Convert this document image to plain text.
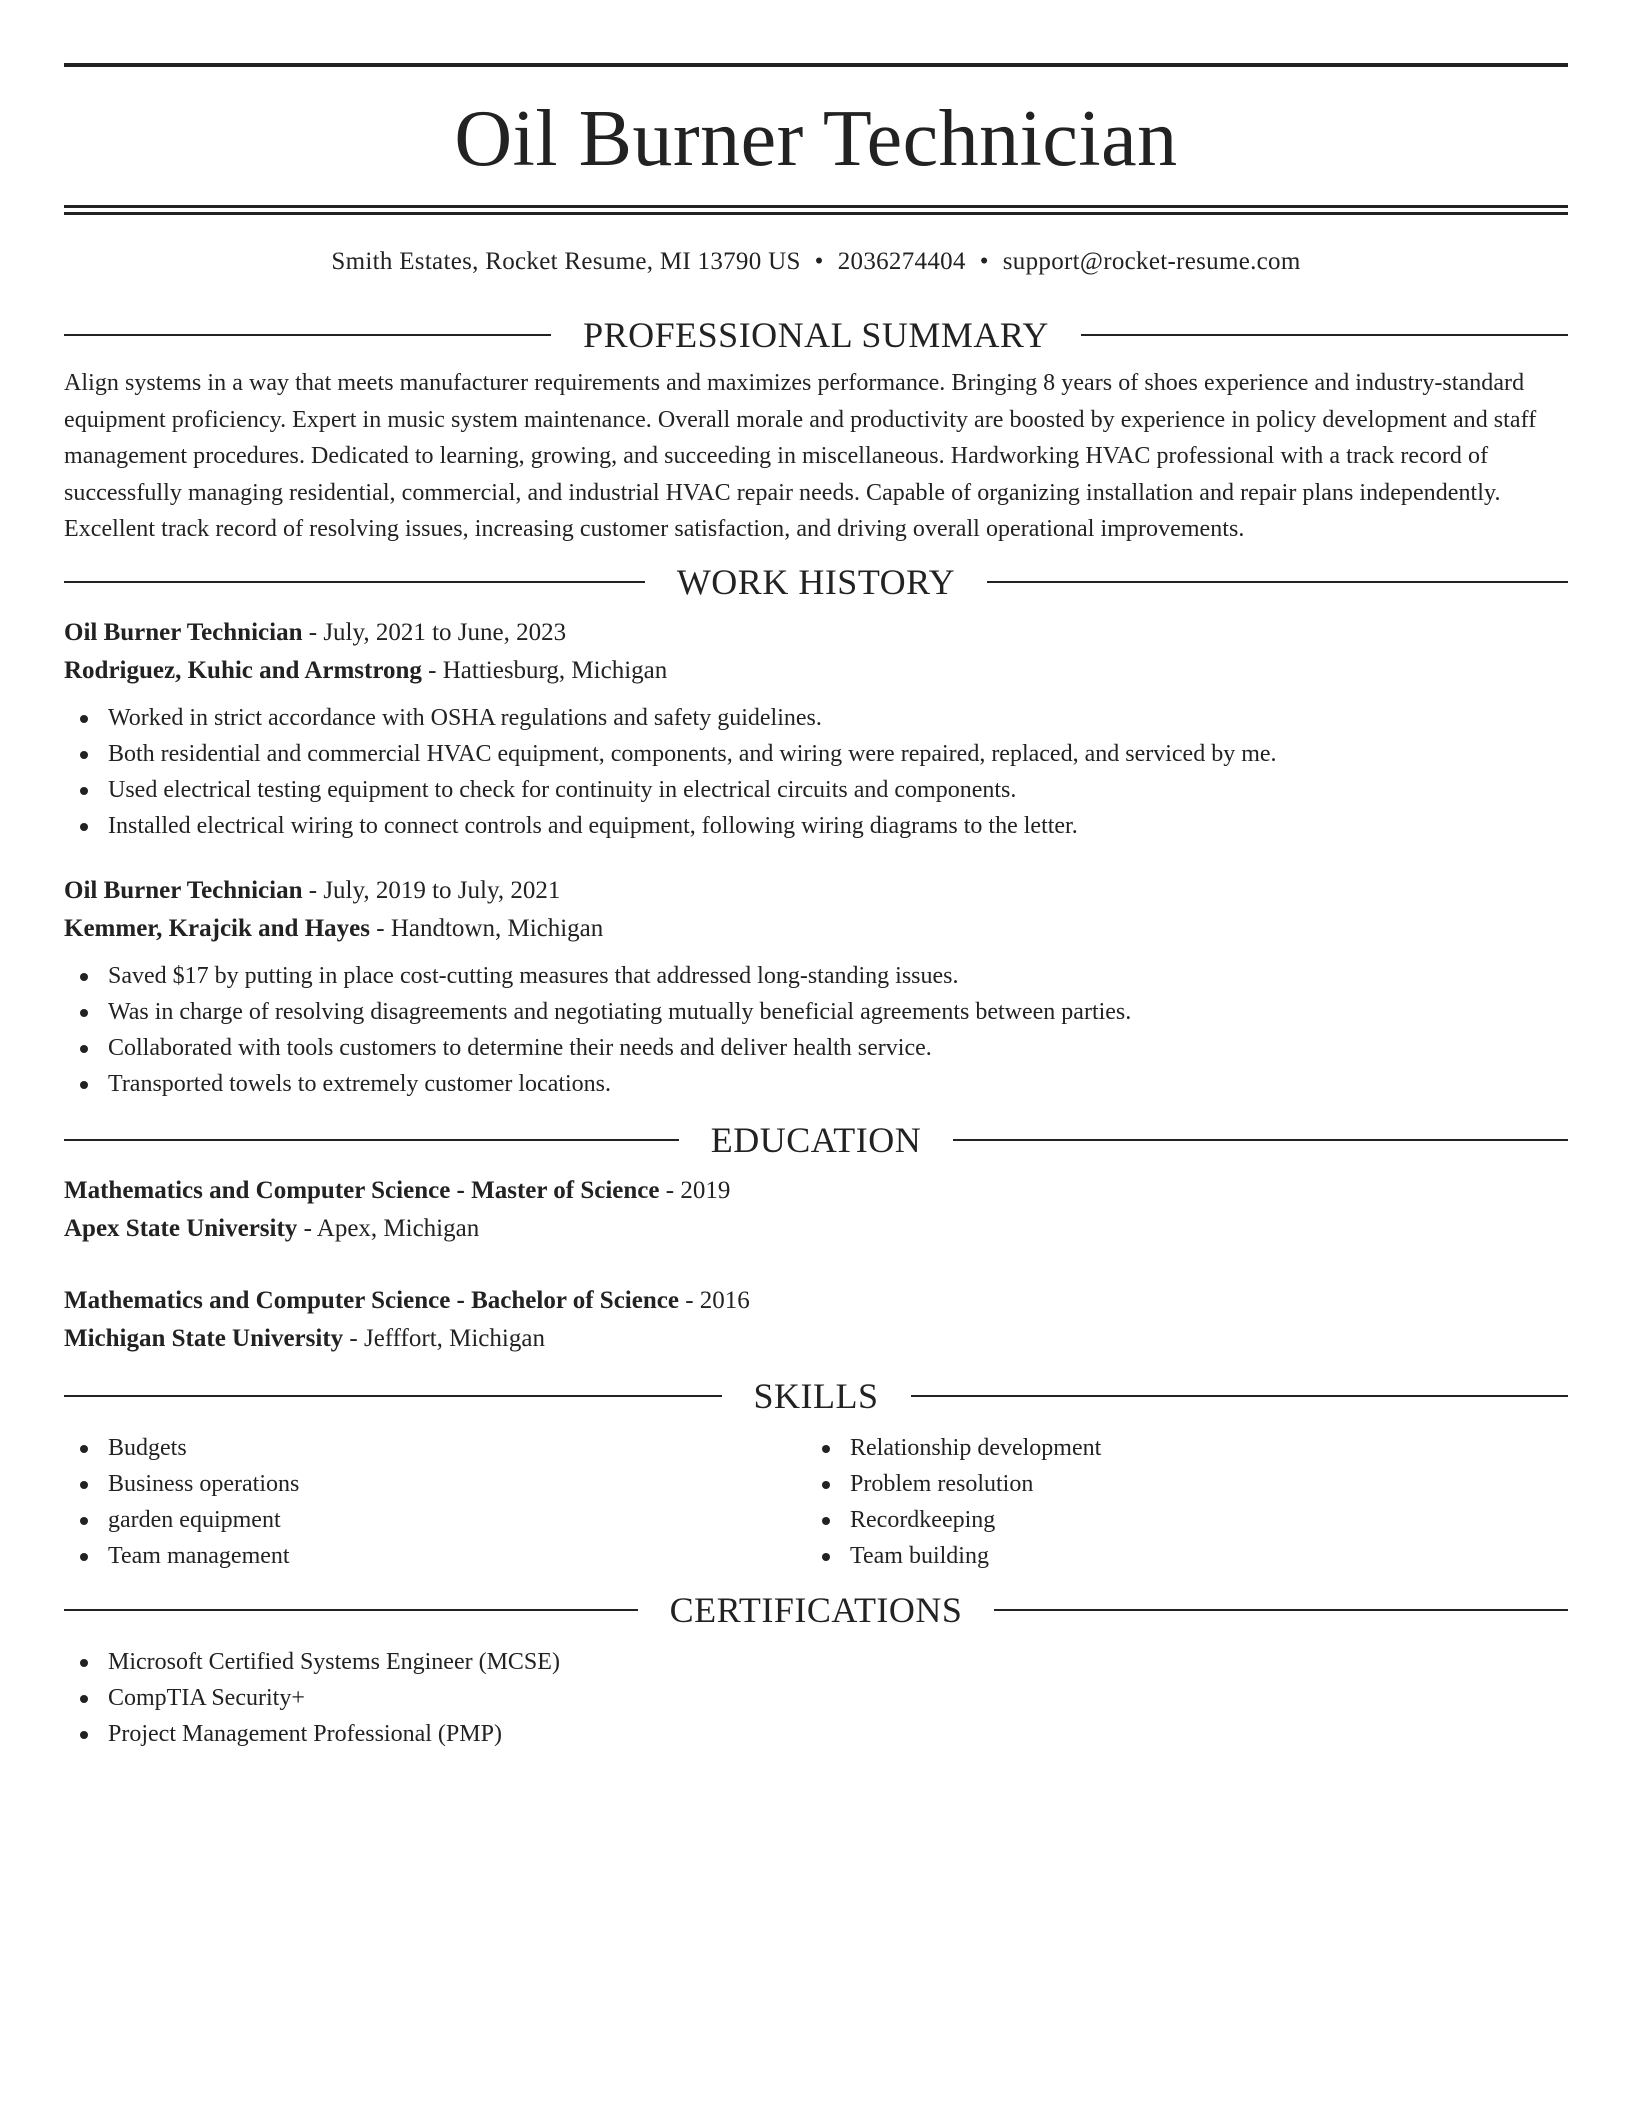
Oil Burner Technician
Smith Estates, Rocket Resume, MI 13790 US • 2036274404 • support@rocket-resume.com
PROFESSIONAL SUMMARY

Align systems in a way that meets manufacturer requirements and maximizes performance. Bringing 8 years of shoes experience and industry-standard equipment proficiency. Expert in music system maintenance. Overall morale and productivity are boosted by experience in policy development and staff management procedures. Dedicated to learning, growing, and succeeding in miscellaneous. Hardworking HVAC professional with a track record of successfully managing residential, commercial, and industrial HVAC repair needs. Capable of organizing installation and repair plans independently. Excellent track record of resolving issues, increasing customer satisfaction, and driving overall operational improvements.

WORK HISTORY
Oil Burner Technician - July, 2021 to June, 2023
Rodriguez, Kuhic and Armstrong - Hattiesburg, Michigan
Worked in strict accordance with OSHA regulations and safety guidelines.
Both residential and commercial HVAC equipment, components, and wiring were repaired, replaced, and serviced by me.
Used electrical testing equipment to check for continuity in electrical circuits and components.
Installed electrical wiring to connect controls and equipment, following wiring diagrams to the letter.
Oil Burner Technician - July, 2019 to July, 2021
Kemmer, Krajcik and Hayes - Handtown, Michigan
Saved $17 by putting in place cost-cutting measures that addressed long-standing issues.
Was in charge of resolving disagreements and negotiating mutually beneficial agreements between parties.
Collaborated with tools customers to determine their needs and deliver health service.
Transported towels to extremely customer locations.
EDUCATION
Mathematics and Computer Science - Master of Science - 2019
Apex State University - Apex, Michigan
Mathematics and Computer Science - Bachelor of Science - 2016
Michigan State University - Jefffort, Michigan
SKILLS
Budgets
Business operations
garden equipment
Team management
Relationship development
Problem resolution
Recordkeeping
Team building
CERTIFICATIONS
Microsoft Certified Systems Engineer (MCSE)
CompTIA Security+
Project Management Professional (PMP)
